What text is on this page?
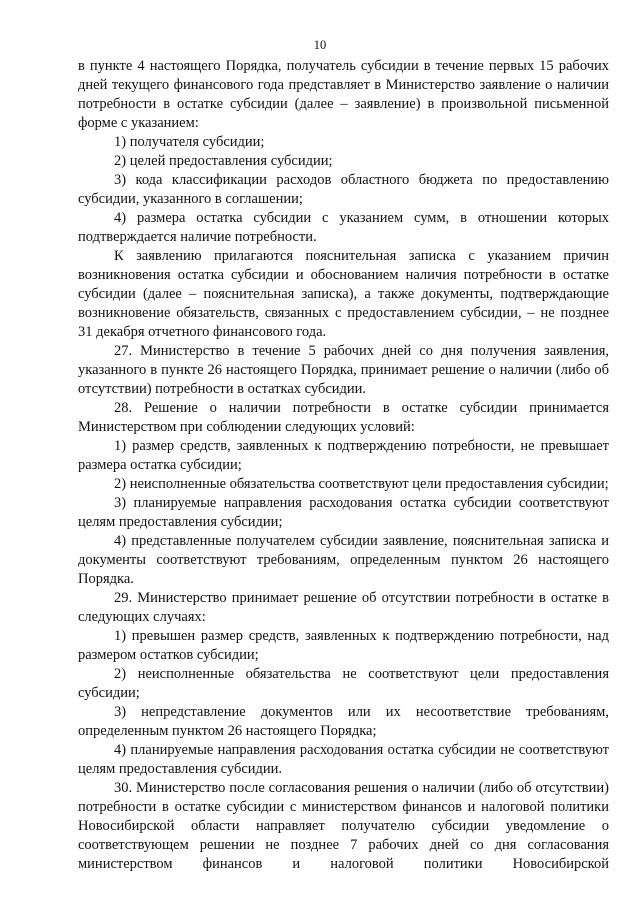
10

в пункте 4 настоящего Порядка, получатель субсидии в течение первых 15 рабочих дней текущего финансового года представляет в Министерство заявление о наличии потребности в остатке субсидии (далее – заявление) в произвольной письменной форме с указанием:

1) получателя субсидии;

2) целей предоставления субсидии;

3) кода классификации расходов областного бюджета по предоставлению субсидии, указанного в соглашении;

4) размера остатка субсидии с указанием сумм, в отношении которых подтверждается наличие потребности.

К заявлению прилагаются пояснительная записка с указанием причин возникновения остатка субсидии и обоснованием наличия потребности в остатке субсидии (далее – пояснительная записка), а также документы, подтверждающие возникновение обязательств, связанных с предоставлением субсидии, – не позднее 31 декабря отчетного финансового года.

27. Министерство в течение 5 рабочих дней со дня получения заявления, указанного в пункте 26 настоящего Порядка, принимает решение о наличии (либо об отсутствии) потребности в остатках субсидии.

28. Решение о наличии потребности в остатке субсидии принимается Министерством при соблюдении следующих условий:

1) размер средств, заявленных к подтверждению потребности, не превышает размера остатка субсидии;

2) неисполненные обязательства соответствуют цели предоставления субсидии;

3) планируемые направления расходования остатка субсидии соответствуют целям предоставления субсидии;

4) представленные получателем субсидии заявление, пояснительная записка и документы соответствуют требованиям, определенным пунктом 26 настоящего Порядка.

29. Министерство принимает решение об отсутствии потребности в остатке в следующих случаях:

1) превышен размер средств, заявленных к подтверждению потребности, над размером остатков субсидии;

2) неисполненные обязательства не соответствуют цели предоставления субсидии;

3) непредставление документов или их несоответствие требованиям, определенным пунктом 26 настоящего Порядка;

4) планируемые направления расходования остатка субсидии не соответствуют целям предоставления субсидии.

30. Министерство после согласования решения о наличии (либо об отсутствии) потребности в остатке субсидии с министерством финансов и налоговой политики Новосибирской области направляет получателю субсидии уведомление о соответствующем решении не позднее 7 рабочих дней со дня согласования министерством финансов и налоговой политики Новосибирской
